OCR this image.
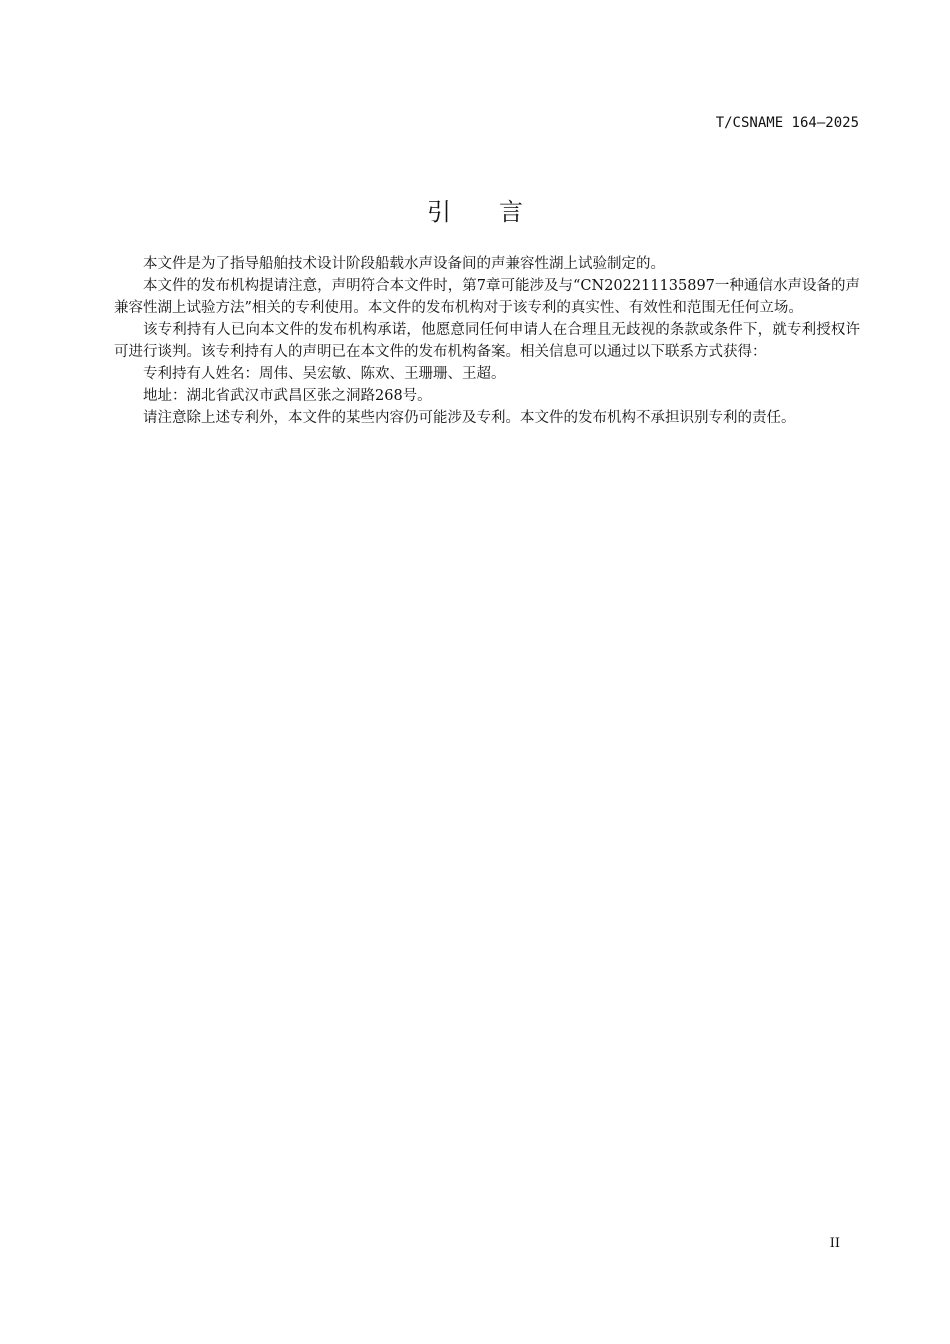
T/CSNAME 164—2025
引言

本文件是为了指导船舶技术设计阶段船载水声设备间的声兼容性湖上试验制定的。

本文件的发布机构提请注意，声明符合本文件时，第7章可能涉及与“CN202211135897一种通信水声设备的声兼容性湖上试验方法”相关的专利使用。本文件的发布机构对于该专利的真实性、有效性和范围无任何立场。

该专利持有人已向本文件的发布机构承诺，他愿意同任何申请人在合理且无歧视的条款或条件下，就专利授权许可进行谈判。该专利持有人的声明已在本文件的发布机构备案。相关信息可以通过以下联系方式获得：

专利持有人姓名：周伟、吴宏敏、陈欢、王珊珊、王超。

地址：湖北省武汉市武昌区张之洞路268号。

请注意除上述专利外，本文件的某些内容仍可能涉及专利。本文件的发布机构不承担识别专利的责任。

II
